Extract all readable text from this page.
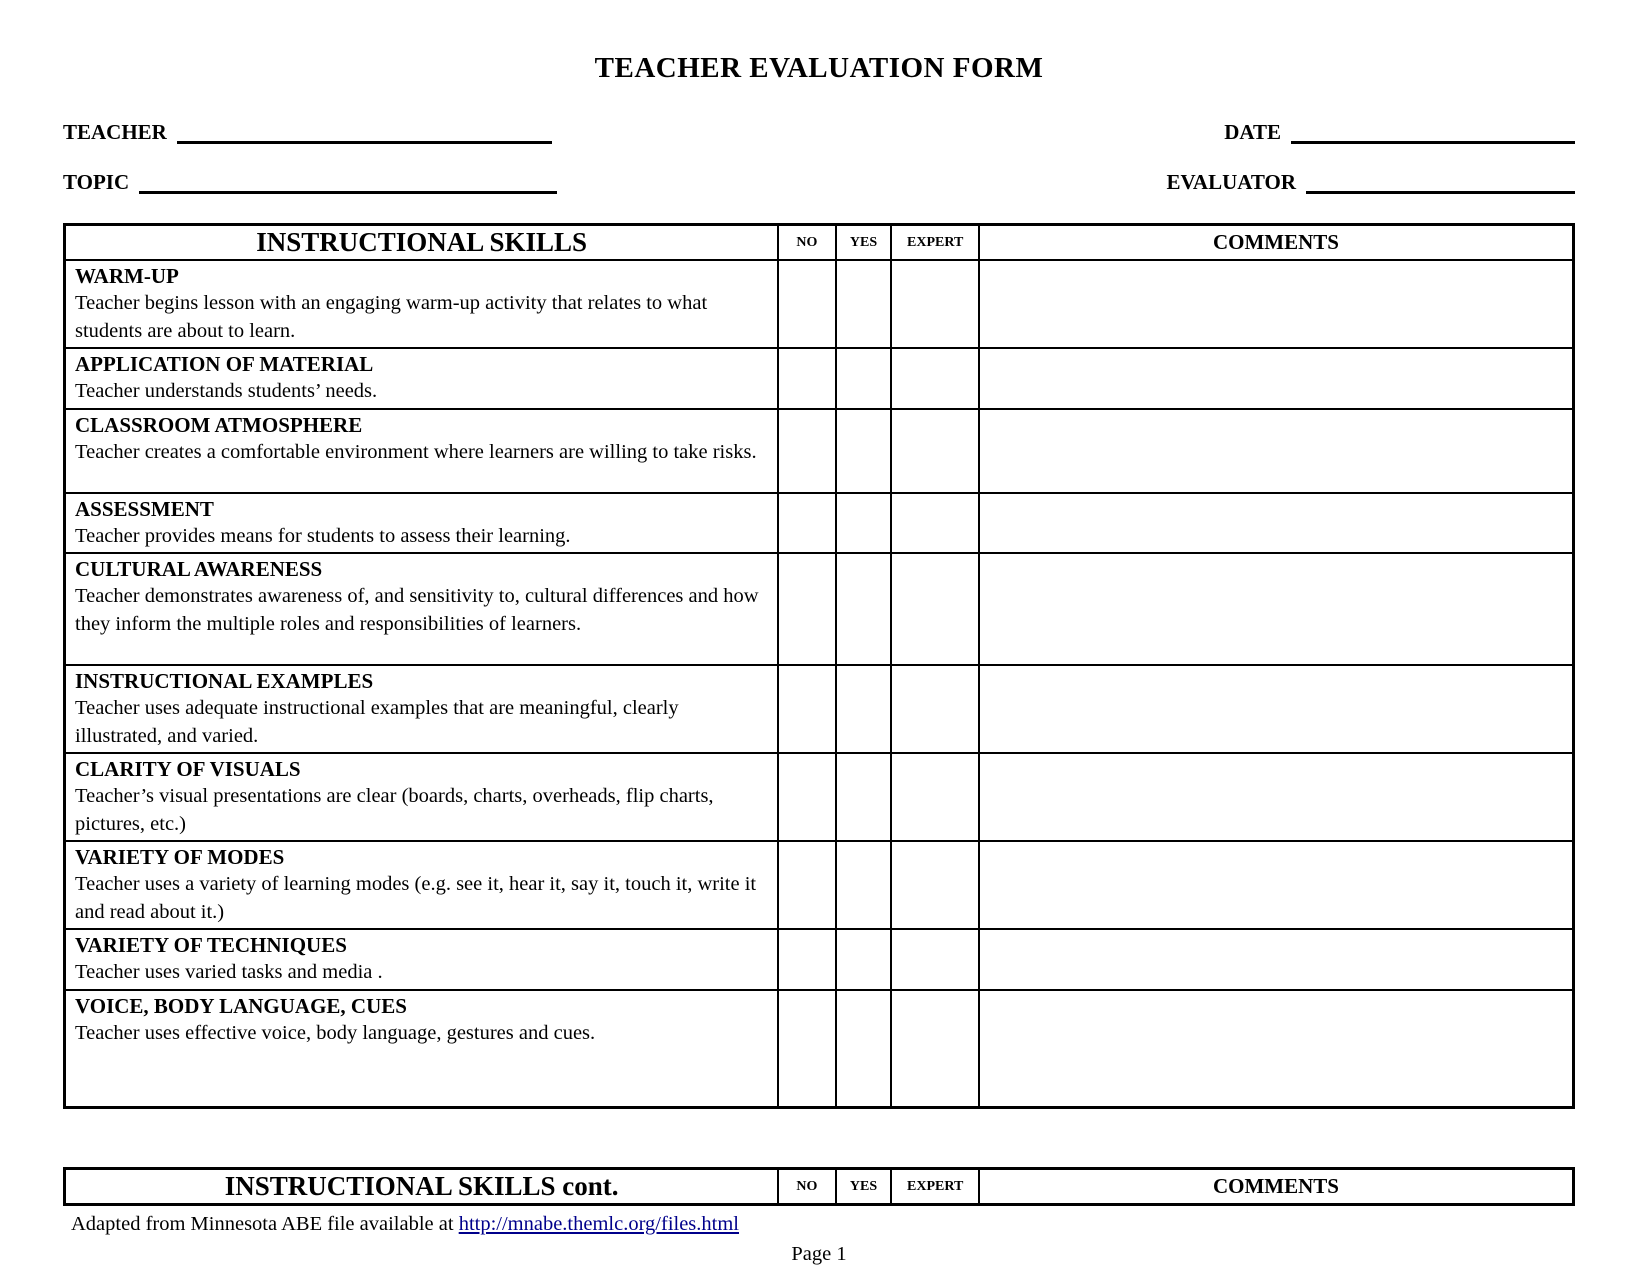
TEACHER EVALUATION FORM
TEACHER	DATE
TOPIC	EVALUATOR
INSTRUCTIONAL SKILLS	NO	YES	EXPERT	COMMENTS

WARM-UP
Teacher begins lesson with an engaging warm-up activity that relates to what students are about to learn.				

APPLICATION OF MATERIAL
Teacher understands students’ needs.				

CLASSROOM ATMOSPHERE
Teacher creates a comfortable environment where learners are willing to take risks.				

ASSESSMENT
Teacher provides means for students to assess their learning.				

CULTURAL AWARENESS
Teacher demonstrates awareness of, and sensitivity to, cultural differences and how they inform the multiple roles and responsibilities of learners.				

INSTRUCTIONAL EXAMPLES
Teacher uses adequate instructional examples that are meaningful, clearly illustrated, and varied.				

CLARITY OF VISUALS
Teacher’s visual presentations are clear (boards, charts, overheads, flip charts, pictures, etc.)				

VARIETY OF MODES
Teacher uses a variety of learning modes (e.g. see it, hear it, say it, touch it, write it and read about it.)				

VARIETY OF TECHNIQUES
Teacher uses varied tasks and media .				

VOICE, BODY LANGUAGE, CUES
Teacher uses effective voice, body language, gestures and cues.				

INSTRUCTIONAL SKILLS cont.	NO	YES	EXPERT	COMMENTS
Adapted from Minnesota ABE file available at http://mnabe.themlc.org/files.html
Page 1
